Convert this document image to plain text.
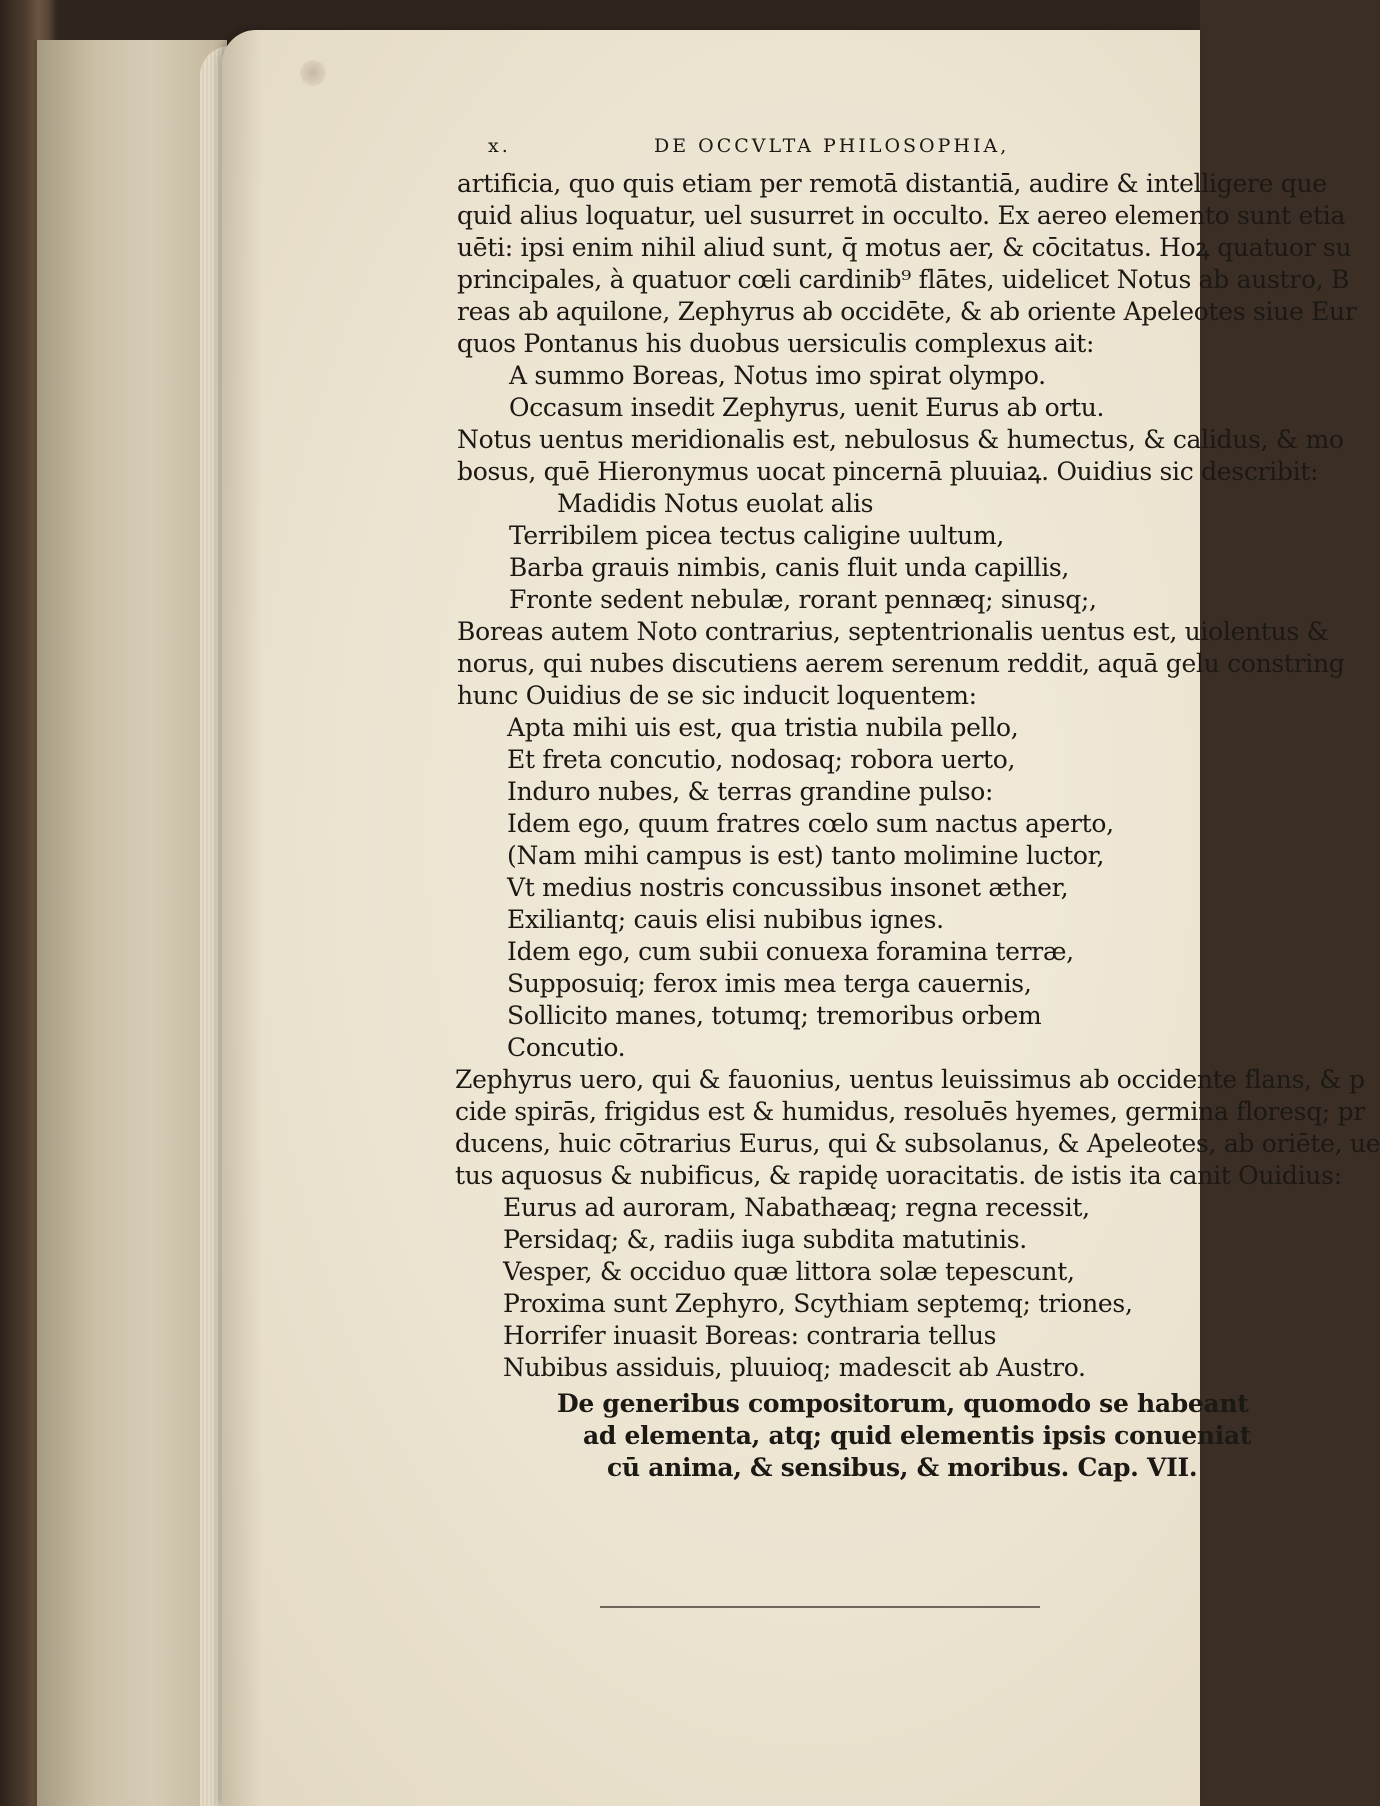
x.	DE OCCVLTA PHILOSOPHIA,
artificia, quo quis etiam per remotā distantiā, audire & intelligere que
quid alius loquatur, uel susurret in occulto. Ex aereo elemento sunt etia
uēti: ipsi enim nihil aliud sunt, q̄ motus aer, & cōcitatus. Hoꝝ quatuor su
principales, à quatuor cœli cardinib⁹ flātes, uidelicet Notus ab austro, B
reas ab aquilone, Zephyrus ab occidēte, & ab oriente Apeleotes siue Eur
quos Pontanus his duobus uersiculis complexus ait:
A summo Boreas, Notus imo spirat olympo.
Occasum insedit Zephyrus, uenit Eurus ab ortu.
Notus uentus meridionalis est, nebulosus & humectus, & calidus, & mo
bosus, quē Hieronymus uocat pincernā pluuiaꝝ. Ouidius sic describit:
Madidis Notus euolat alis
Terribilem picea tectus caligine uultum,
Barba grauis nimbis, canis fluit unda capillis,
Fronte sedent nebulæ, rorant pennæq; sinusq;,
Boreas autem Noto contrarius, septentrionalis uentus est, uiolentus &
norus, qui nubes discutiens aerem serenum reddit, aquā gelu constring
hunc Ouidius de se sic inducit loquentem:
Apta mihi uis est, qua tristia nubila pello,
Et freta concutio, nodosaq; robora uerto,
Induro nubes, & terras grandine pulso:
Idem ego, quum fratres cœlo sum nactus aperto,
(Nam mihi campus is est) tanto molimine luctor,
Vt medius nostris concussibus insonet æther,
Exiliantq; cauis elisi nubibus ignes.
Idem ego, cum subii conuexa foramina terræ,
Supposuiq; ferox imis mea terga cauernis,
Sollicito manes, totumq; tremoribus orbem
Concutio.
Zephyrus uero, qui & fauonius, uentus leuissimus ab occidente flans, & p
cide spirās, frigidus est & humidus, resoluēs hyemes, germina floresq; pr
ducens, huic cōtrarius Eurus, qui & subsolanus, & Apeleotes, ab oriēte, ue
tus aquosus & nubificus, & rapidę uoracitatis. de istis ita canit Ouidius:
Eurus ad auroram, Nabathæaq; regna recessit,
Persidaq; &, radiis iuga subdita matutinis.
Vesper, & occiduo quæ littora solæ tepescunt,
Proxima sunt Zephyro, Scythiam septemq; triones,
Horrifer inuasit Boreas: contraria tellus
Nubibus assiduis, pluuioq; madescit ab Austro.
De generibus compositorum, quomodo se habeant
ad elementa, atq; quid elementis ipsis conueniat
cū anima, & sensibus, & moribus. Cap. VII.
